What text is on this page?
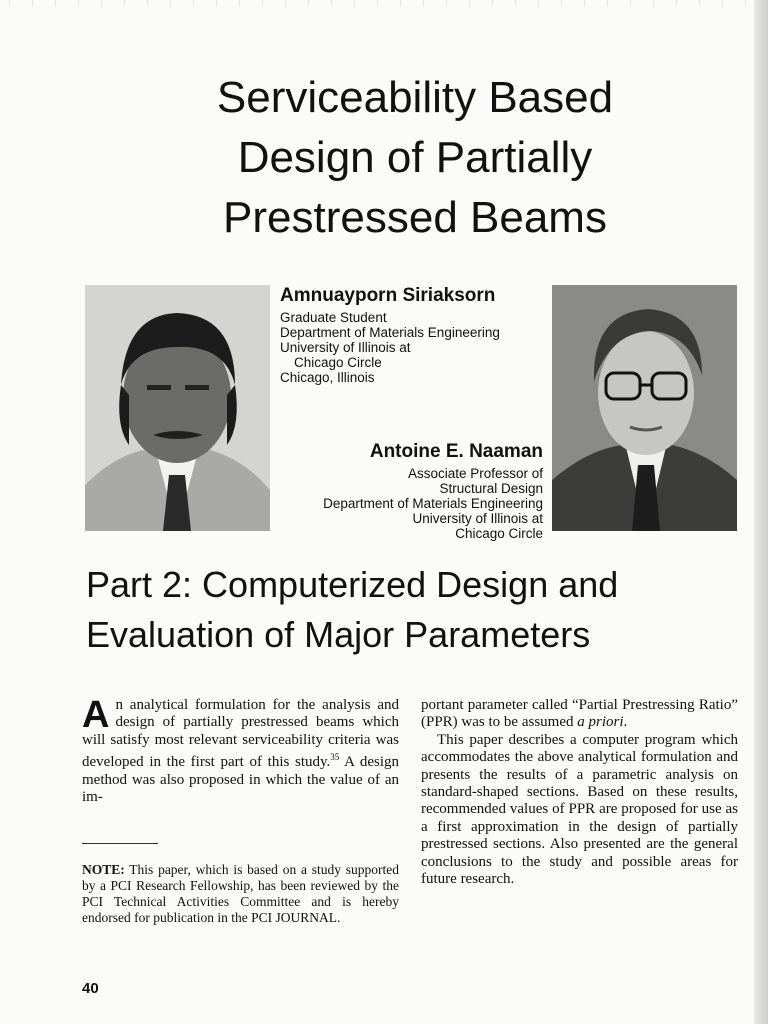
Serviceability Based
Design of Partially
Prestressed Beams
Amnuayporn Siriaksorn
Graduate Student
Department of Materials Engineering
University of Illinois at
Chicago Circle
Chicago, Illinois
Antoine E. Naaman
Associate Professor of
Structural Design
Department of Materials Engineering
University of Illinois at
Chicago Circle
Part 2: Computerized Design and
Evaluation of Major Parameters

An analytical formulation for the analysis and design of partially prestressed beams which will satisfy most relevant serviceability criteria was developed in the first part of this study.$^{35}$ A design method was also proposed in which the value of an im-

NOTE: This paper, which is based on a study supported by a PCI Research Fellowship, has been reviewed by the PCI Technical Activities Committee and is hereby endorsed for publication in the PCI JOURNAL.

portant parameter called “Partial Prestressing Ratio” (PPR) was to be assumed a priori.

This paper describes a computer program which accommodates the above analytical formulation and presents the results of a parametric analysis on standard-shaped sections. Based on these results, recommended values of PPR are proposed for use as a first approximation in the design of partially prestressed sections. Also presented are the general conclusions to the study and possible areas for future research.

40
